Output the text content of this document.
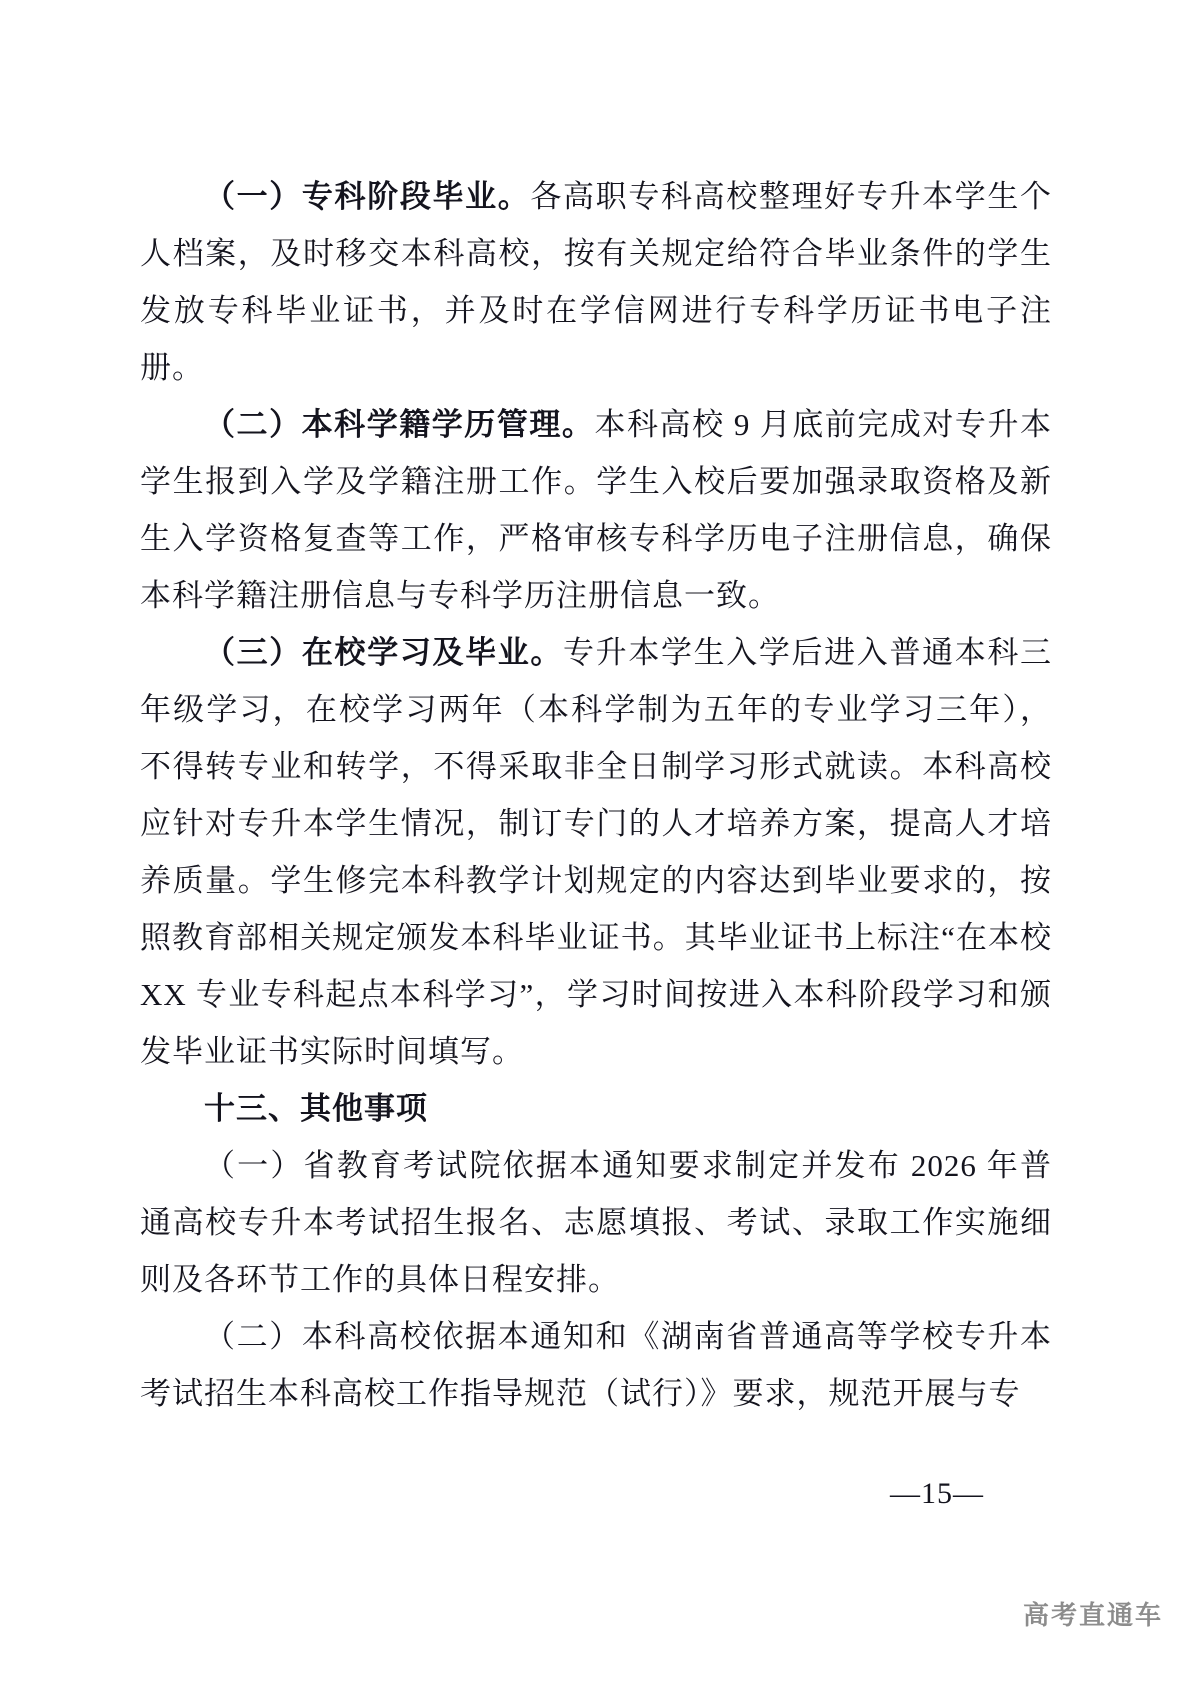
（一）专科阶段毕业。各高职专科高校整理好专升本学生个人档案，及时移交本科高校，按有关规定给符合毕业条件的学生发放专科毕业证书，并及时在学信网进行专科学历证书电子注册。

（二）本科学籍学历管理。本科高校 9 月底前完成对专升本学生报到入学及学籍注册工作。学生入校后要加强录取资格及新生入学资格复查等工作，严格审核专科学历电子注册信息，确保本科学籍注册信息与专科学历注册信息一致。

（三）在校学习及毕业。专升本学生入学后进入普通本科三年级学习，在校学习两年（本科学制为五年的专业学习三年），不得转专业和转学，不得采取非全日制学习形式就读。本科高校应针对专升本学生情况，制订专门的人才培养方案，提高人才培养质量。学生修完本科教学计划规定的内容达到毕业要求的，按照教育部相关规定颁发本科毕业证书。其毕业证书上标注“在本校 XX 专业专科起点本科学习”，学习时间按进入本科阶段学习和颁发毕业证书实际时间填写。

十三、其他事项

（一）省教育考试院依据本通知要求制定并发布 2026 年普通高校专升本考试招生报名、志愿填报、考试、录取工作实施细则及各环节工作的具体日程安排。

（二）本科高校依据本通知和《湖南省普通高等学校专升本考试招生本科高校工作指导规范（试行）》要求，规范开展与专

—15—
高考直通车
